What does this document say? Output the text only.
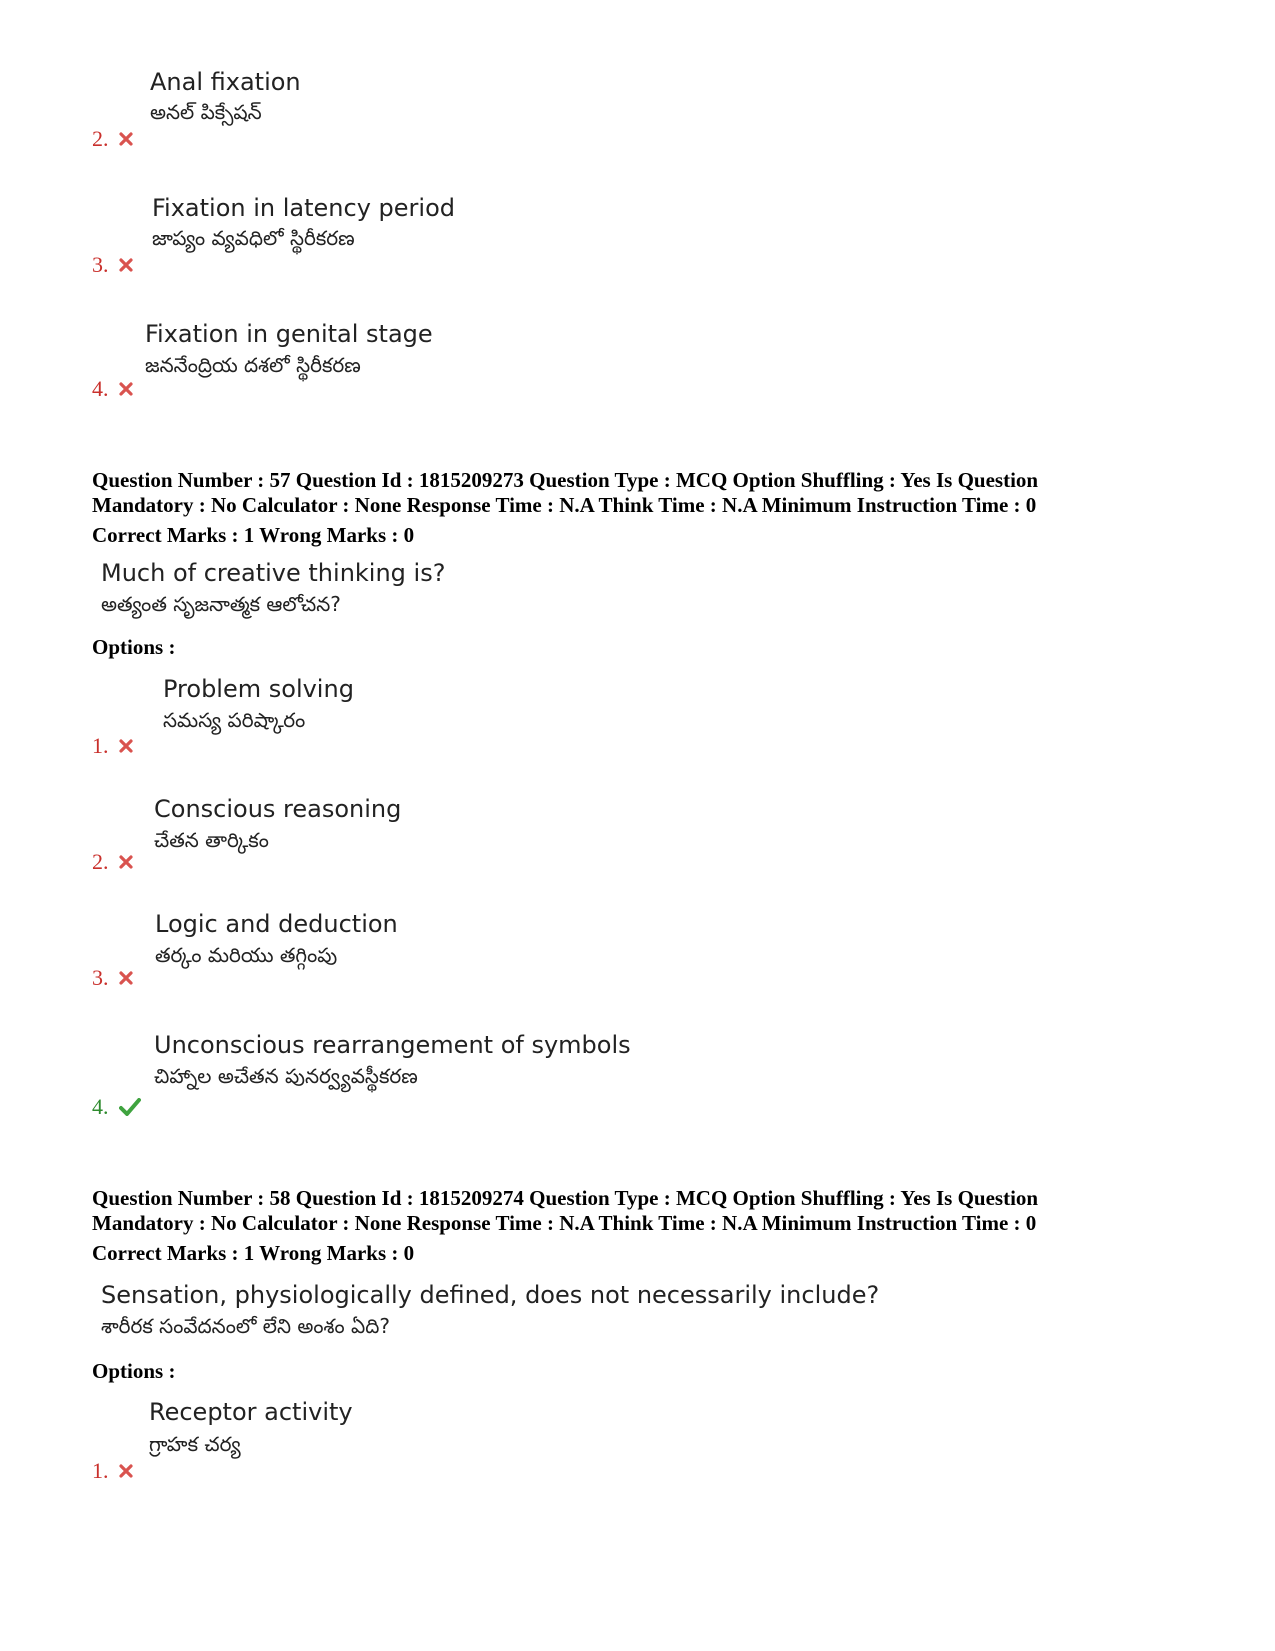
Anal fixation
అనల్ పిక్సేషన్
2.
Fixation in latency period
జాప్యం వ్యవధిలో స్థిరీకరణ
3.
Fixation in genital stage
జననేంద్రియ దశలో స్థిరీకరణ
4.
Question Number : 57 Question Id : 1815209273 Question Type : MCQ Option Shuffling : Yes Is Question
Mandatory : No Calculator : None Response Time : N.A Think Time : N.A Minimum Instruction Time : 0
Correct Marks : 1 Wrong Marks : 0
Much of creative thinking is?
అత్యంత సృజనాత్మక ఆలోచన?
Options :
Problem solving
సమస్య పరిష్కారం
1.
Conscious reasoning
చేతన తార్కికం
2.
Logic and deduction
తర్కం మరియు తగ్గింపు
3.
Unconscious rearrangement of symbols
చిహ్నాల అచేతన పునర్వ్యవస్థీకరణ
4.
Question Number : 58 Question Id : 1815209274 Question Type : MCQ Option Shuffling : Yes Is Question
Mandatory : No Calculator : None Response Time : N.A Think Time : N.A Minimum Instruction Time : 0
Correct Marks : 1 Wrong Marks : 0
Sensation, physiologically defined, does not necessarily include?
శారీరక సంవేదనంలో లేని అంశం ఏది?
Options :
Receptor activity
గ్రాహక చర్య
1.
